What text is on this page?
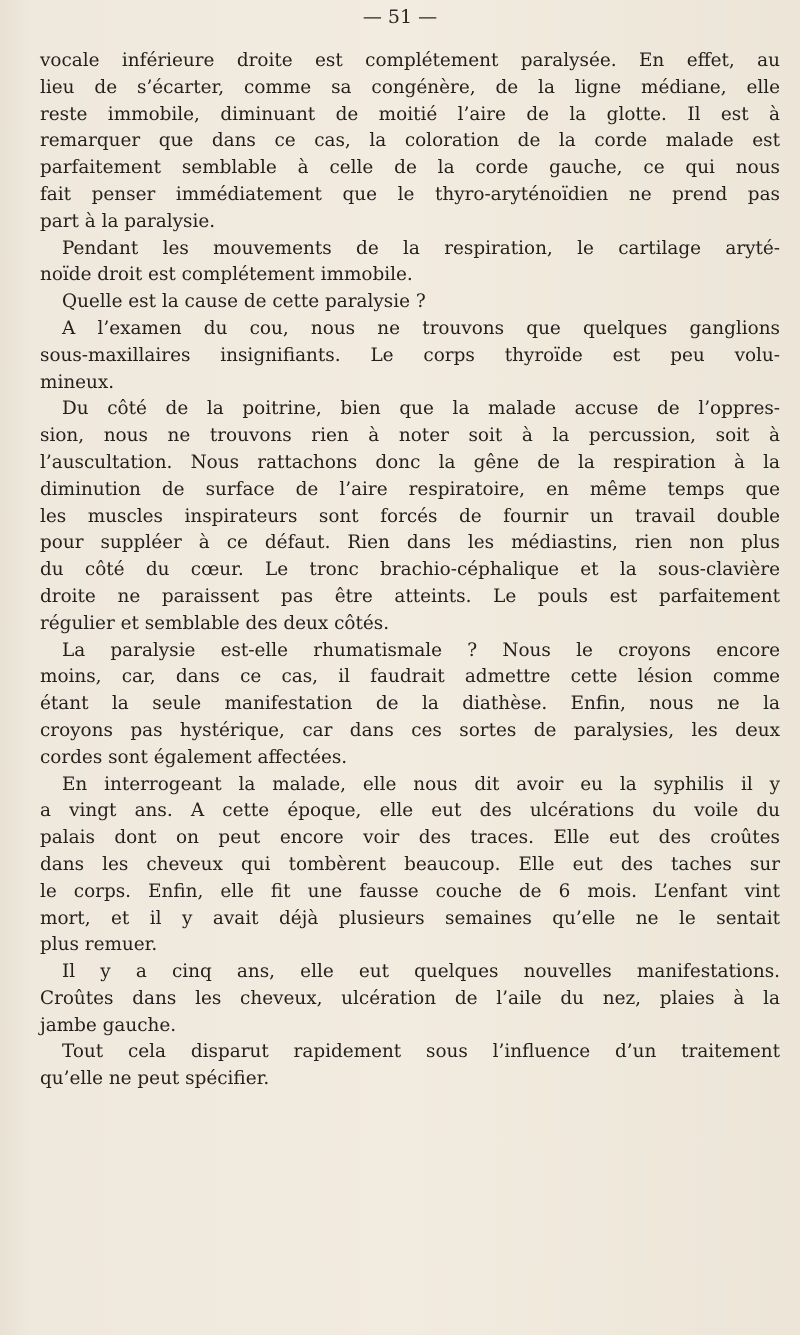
— 51 —
vocale inférieure droite est complétement paralysée. En effet, au
lieu de s’écarter, comme sa congénère, de la ligne médiane, elle
reste immobile, diminuant de moitié l’aire de la glotte. Il est à
remarquer que dans ce cas, la coloration de la corde malade est
parfaitement semblable à celle de la corde gauche, ce qui nous
fait penser immédiatement que le thyro-aryténoïdien ne prend pas
part à la paralysie.
Pendant les mouvements de la respiration, le cartilage aryté-
noïde droit est complétement immobile.
Quelle est la cause de cette paralysie ?
A l’examen du cou, nous ne trouvons que quelques ganglions
sous-maxillaires insignifiants. Le corps thyroïde est peu volu-
mineux.
Du côté de la poitrine, bien que la malade accuse de l’oppres-
sion, nous ne trouvons rien à noter soit à la percussion, soit à
l’auscultation. Nous rattachons donc la gêne de la respiration à la
diminution de surface de l’aire respiratoire, en même temps que
les muscles inspirateurs sont forcés de fournir un travail double
pour suppléer à ce défaut. Rien dans les médiastins, rien non plus
du côté du cœur. Le tronc brachio-céphalique et la sous-clavière
droite ne paraissent pas être atteints. Le pouls est parfaitement
régulier et semblable des deux côtés.
La paralysie est-elle rhumatismale ? Nous le croyons encore
moins, car, dans ce cas, il faudrait admettre cette lésion comme
étant la seule manifestation de la diathèse. Enfin, nous ne la
croyons pas hystérique, car dans ces sortes de paralysies, les deux
cordes sont également affectées.
En interrogeant la malade, elle nous dit avoir eu la syphilis il y
a vingt ans. A cette époque, elle eut des ulcérations du voile du
palais dont on peut encore voir des traces. Elle eut des croûtes
dans les cheveux qui tombèrent beaucoup. Elle eut des taches sur
le corps. Enfin, elle fit une fausse couche de 6 mois. L’enfant vint
mort, et il y avait déjà plusieurs semaines qu’elle ne le sentait
plus remuer.
Il y a cinq ans, elle eut quelques nouvelles manifestations.
Croûtes dans les cheveux, ulcération de l’aile du nez, plaies à la
jambe gauche.
Tout cela disparut rapidement sous l’influence d’un traitement
qu’elle ne peut spécifier.
